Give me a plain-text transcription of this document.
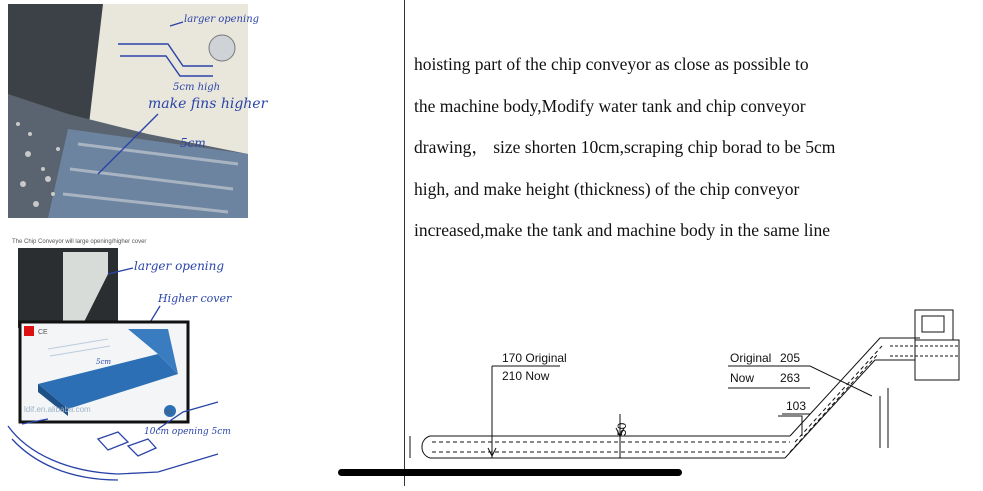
larger opening
5cm high
make fins higher
5cm
The Chip Conveyor will large opening/higher cover
larger opening
Higher cover
CE
ldif.en.alibaba.com
5cm
ISO
10cm opening 5cm

hoisting part of the chip conveyor as close as possible to
the machine body,Modify water tank and chip conveyor
drawing， size shorten 10cm,scraping chip borad to be 5cm
high, and make height (thickness) of the chip conveyor
increased,make the tank and machine body in the same line

170 Original
210 Now
50
103
Original 205
Now 263
